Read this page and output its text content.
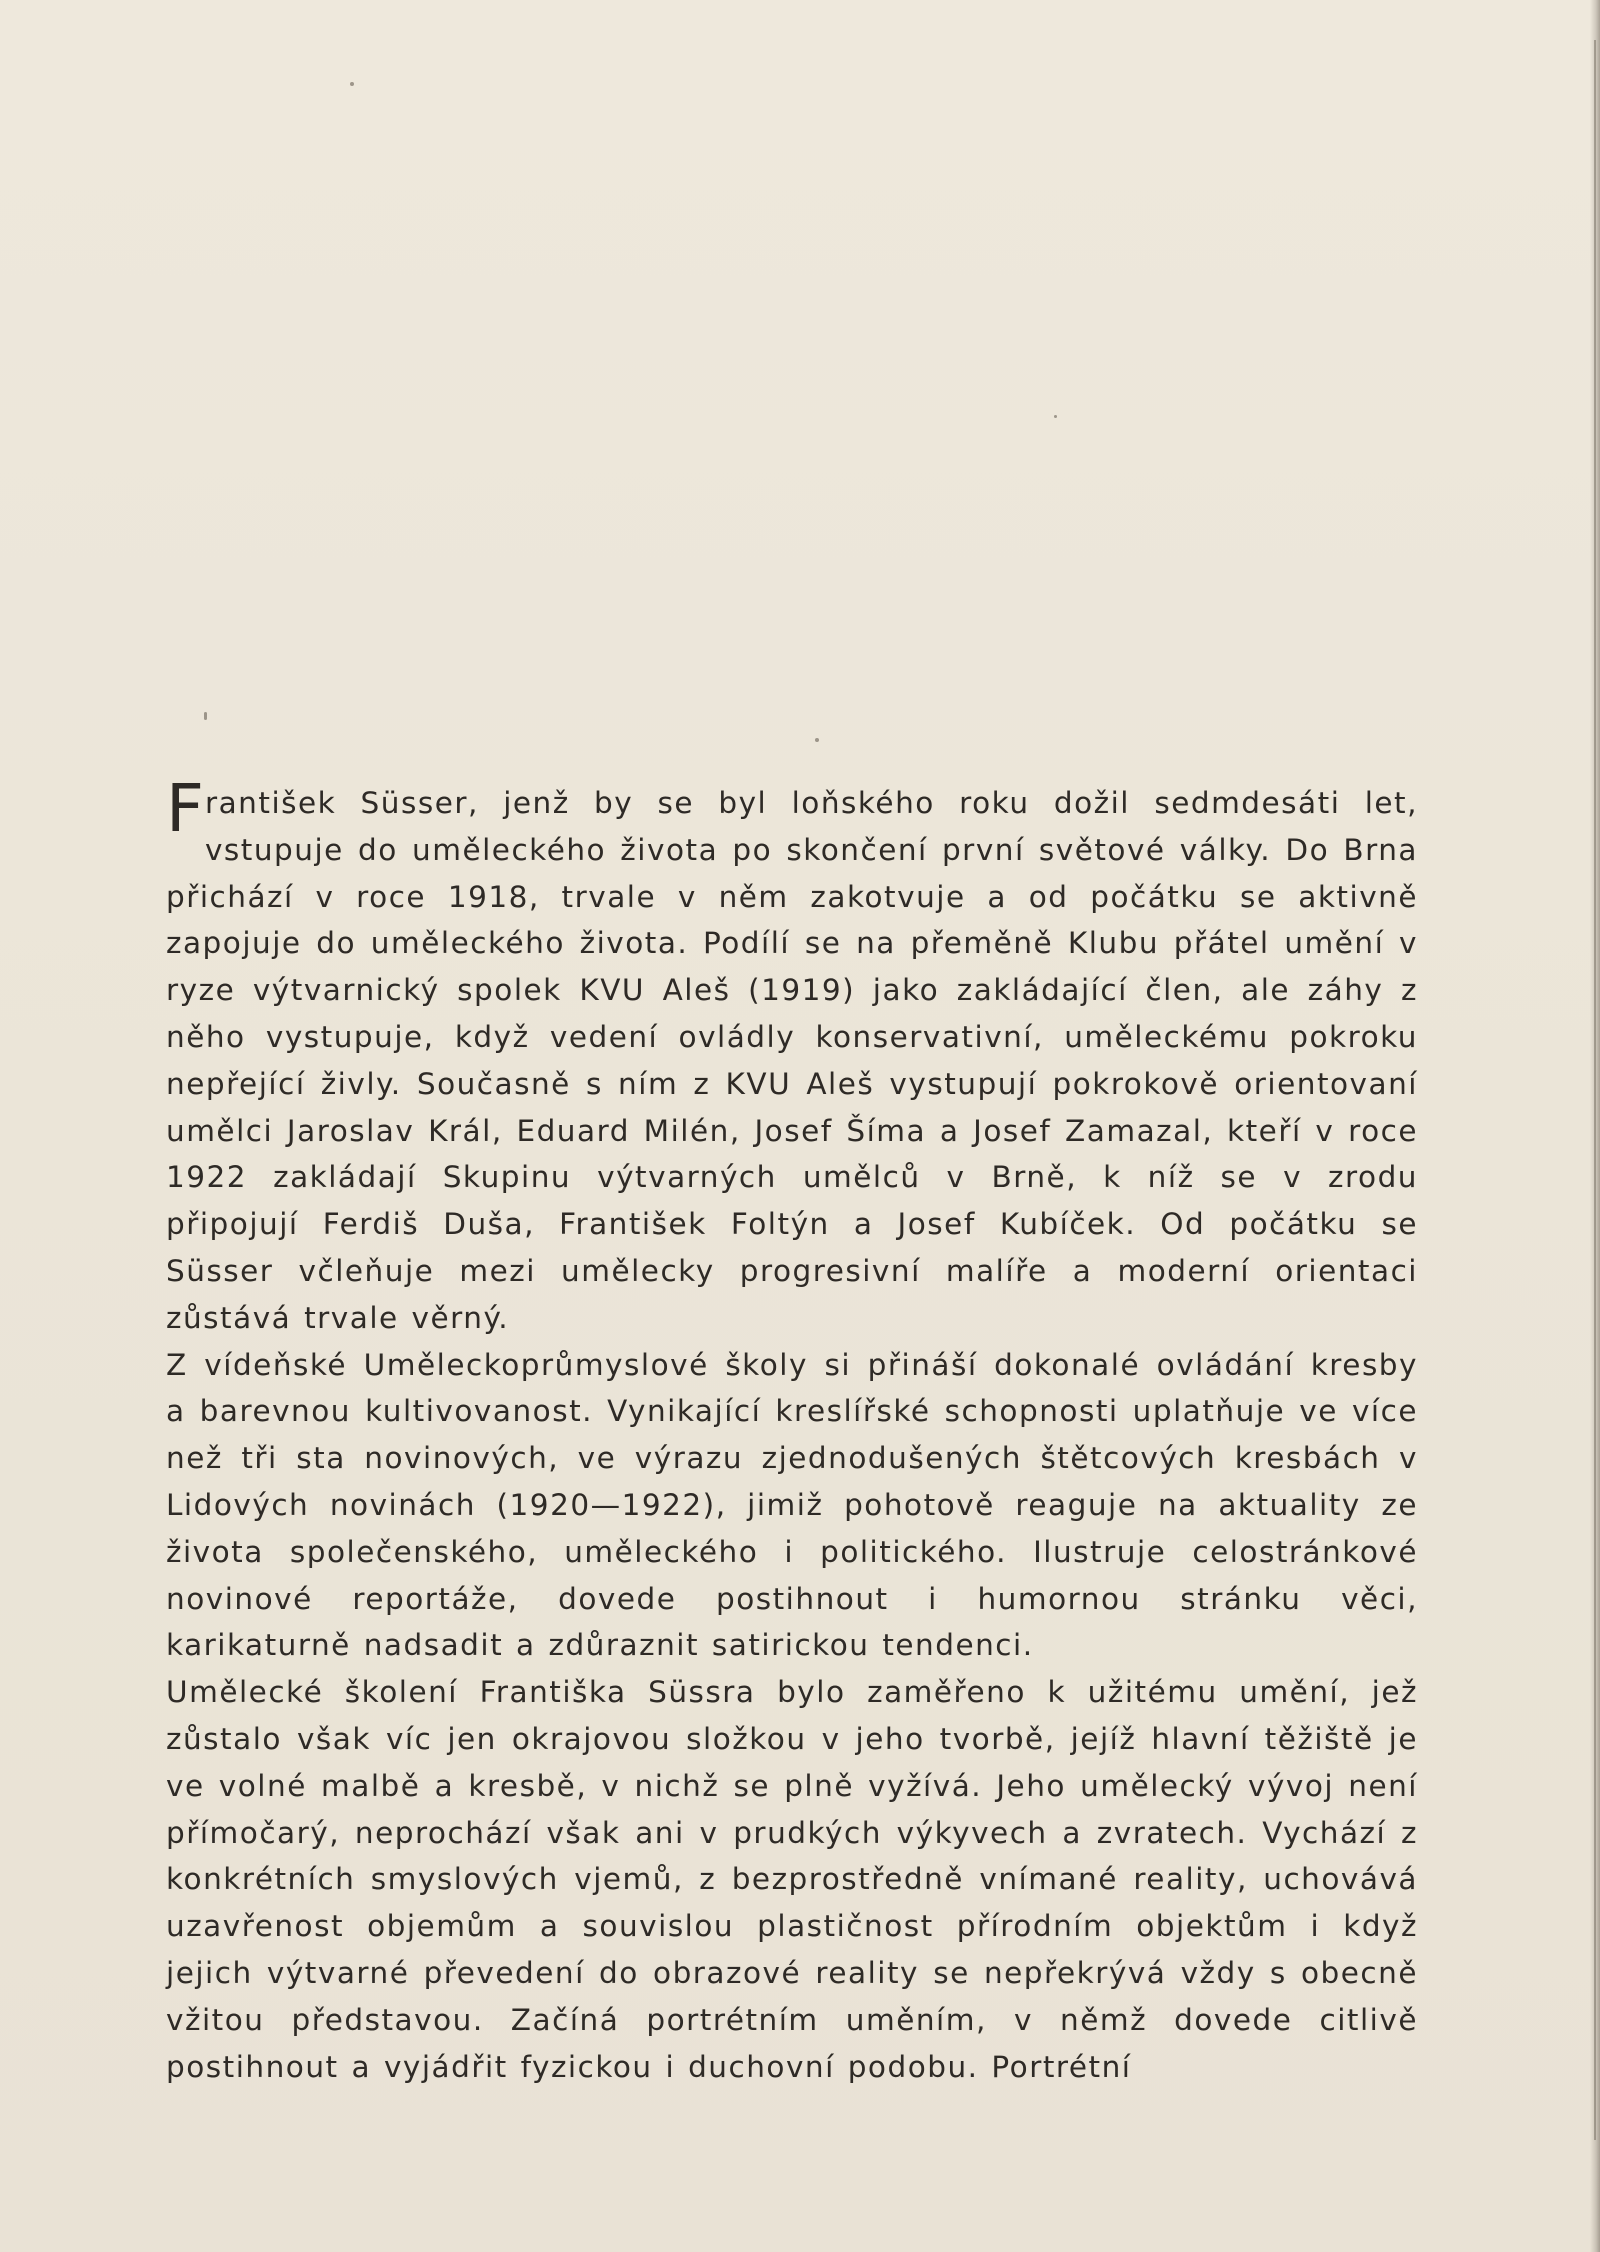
František Süsser, jenž by se byl loňského roku dožil sedmdesáti let, vstupuje do uměleckého života po skončení první světové války. Do Brna přichází v roce 1918, trvale v něm zakotvuje a od počátku se aktivně zapojuje do uměleckého života. Podílí se na přeměně Klubu přátel umění v ryze výtvarnický spolek KVU Aleš (1919) jako zakládající člen, ale záhy z něho vystupuje, když vedení ovládly konservativní, uměleckému pokroku nepřející živly. Současně s ním z KVU Aleš vystupují pokrokově orientovaní umělci Jaroslav Král, Eduard Milén, Josef Šíma a Josef Zamazal, kteří v roce 1922 zakládají Skupinu výtvarných umělců v Brně, k níž se v zrodu připojují Ferdiš Duša, František Foltýn a Josef Kubíček. Od počátku se Süsser včleňuje mezi umělecky progresivní malíře a moderní orientaci zůstává trvale věrný.

Z vídeňské Uměleckoprůmyslové školy si přináší dokonalé ovládání kresby a barevnou kultivovanost. Vynikající kreslířské schopnosti uplatňuje ve více než tři sta novinových, ve výrazu zjednodušených štětcových kresbách v Lidových novinách (1920—1922), jimiž pohotově reaguje na aktuality ze života společenského, uměleckého i politického. Ilustruje celostránkové novinové reportáže, dovede postihnout i humornou stránku věci, karikaturně nadsadit a zdůraznit satirickou tendenci.

Umělecké školení Františka Süssra bylo zaměřeno k užitému umění, jež zůstalo však víc jen okrajovou složkou v jeho tvorbě, jejíž hlavní těžiště je ve volné malbě a kresbě, v nichž se plně vyžívá. Jeho umělecký vývoj není přímočarý, neprochází však ani v prudkých výkyvech a zvratech. Vychází z konkrétních smyslových vjemů, z bezprostředně vnímané reality, uchovává uzavřenost objemům a souvislou plastičnost přírodním objektům i když jejich výtvarné převedení do obrazové reality se nepřekrývá vždy s obecně vžitou představou. Začíná portrétním uměním, v němž dovede citlivě postihnout a vyjádřit fyzickou i duchovní podobu. Portrétní
